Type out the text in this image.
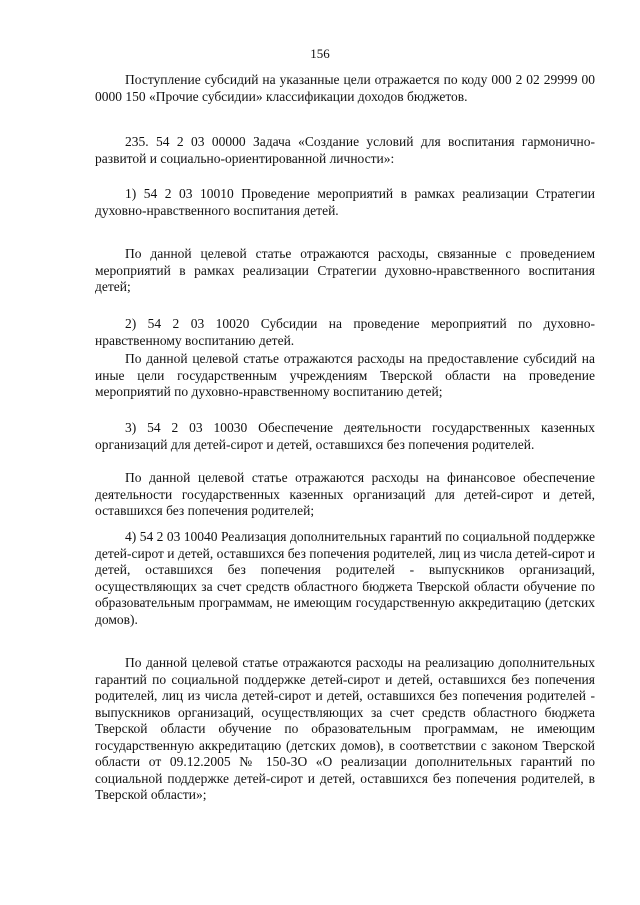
156

Поступление субсидий на указанные цели отражается по коду 000 2 02 29999 00 0000 150 «Прочие субсидии» классификации доходов бюджетов.

235. 54 2 03 00000 Задача «Создание условий для воспитания гармонично-развитой и социально-ориентированной личности»:

1) 54 2 03 10010 Проведение мероприятий в рамках реализации Стратегии духовно-нравственного воспитания детей.

По данной целевой статье отражаются расходы, связанные с проведением мероприятий в рамках реализации Стратегии духовно-нравственного воспитания детей;

2) 54 2 03 10020 Субсидии на проведение мероприятий по духовно-нравственному воспитанию детей.

По данной целевой статье отражаются расходы на предоставление субсидий на иные цели государственным учреждениям Тверской области на проведение мероприятий по духовно-нравственному воспитанию детей;

3) 54 2 03 10030 Обеспечение деятельности государственных казенных организаций для детей-сирот и детей, оставшихся без попечения родителей.

По данной целевой статье отражаются расходы на финансовое обеспечение деятельности государственных казенных организаций для детей-сирот и детей, оставшихся без попечения родителей;

4) 54 2 03 10040 Реализация дополнительных гарантий по социальной поддержке детей-сирот и детей, оставшихся без попечения родителей, лиц из числа детей-сирот и детей, оставшихся без попечения родителей - выпускников организаций, осуществляющих за счет средств областного бюджета Тверской области обучение по образовательным программам, не имеющим государственную аккредитацию (детских домов).

По данной целевой статье отражаются расходы на реализацию дополнительных гарантий по социальной поддержке детей-сирот и детей, оставшихся без попечения родителей, лиц из числа детей-сирот и детей, оставшихся без попечения родителей - выпускников организаций, осуществляющих за счет средств областного бюджета Тверской области обучение по образовательным программам, не имеющим государственную аккредитацию (детских домов), в соответствии с законом Тверской области от 09.12.2005 № 150-ЗО «О реализации дополнительных гарантий по социальной поддержке детей-сирот и детей, оставшихся без попечения родителей, в Тверской области»;
